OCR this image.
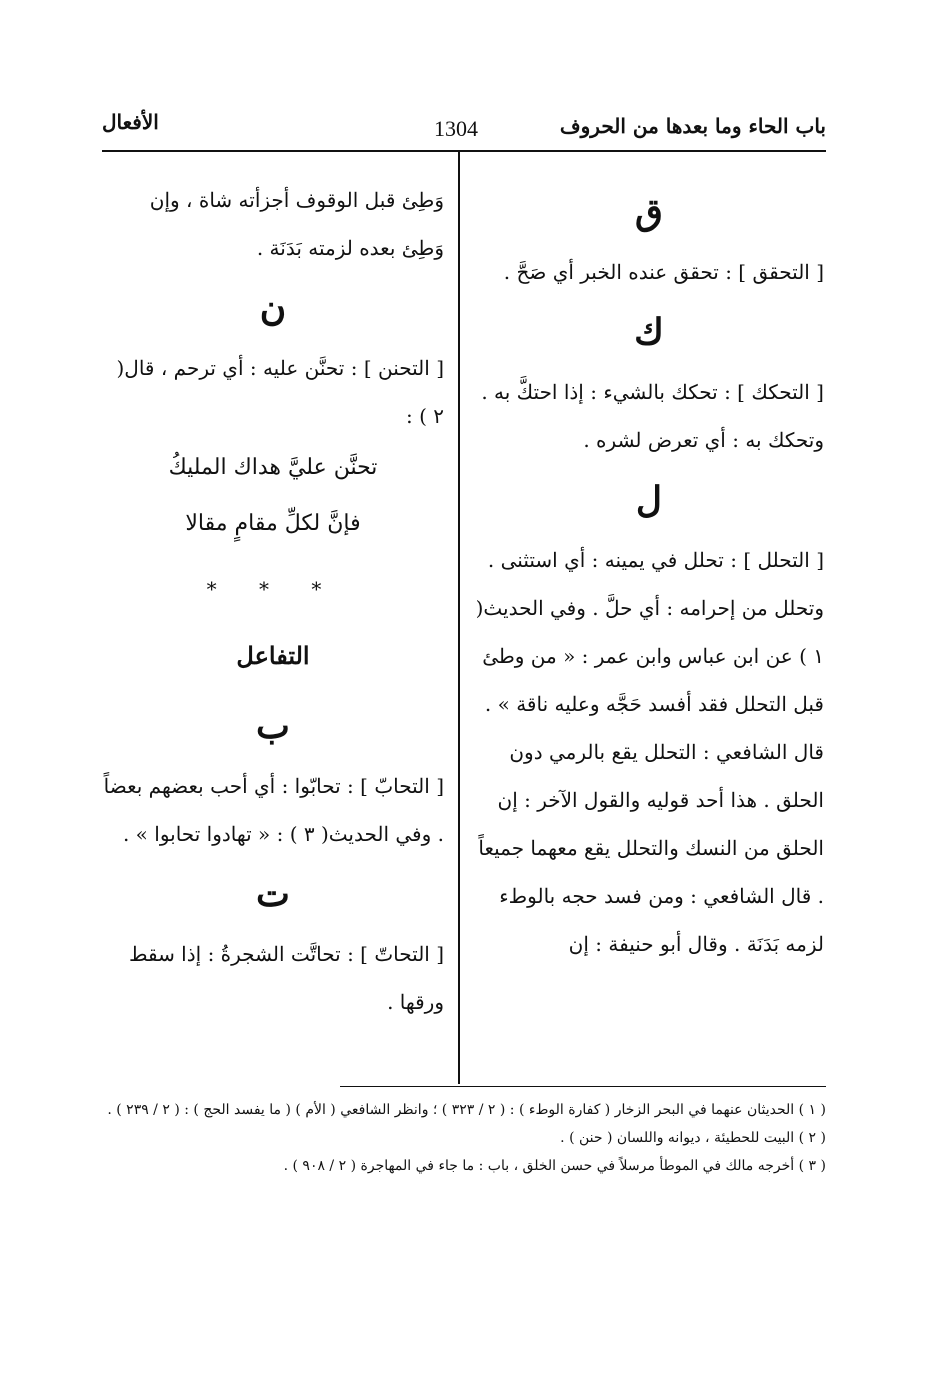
باب الحاء وما بعدها من الحروف
1304
الأفعال
ق

[ التحقق ] : تحقق عنده الخبر أي صَحَّ .

ك

[ التحكك ] : تحكك بالشيء : إذا احتكَّ به .

وتحكك به : أي تعرض لشره .

ل

[ التحلل ] : تحلل في يمينه : أي استثنى .

وتحلل من إحرامه : أي حلَّ . وفي الحديث( ١ ) عن ابن عباس وابن عمر : « من وطئ قبل التحلل فقد أفسد حَجَّه وعليه ناقة » . قال الشافعي : التحلل يقع بالرمي دون الحلق . هذا أحد قوليه والقول الآخر : إن الحلق من النسك والتحلل يقع معهما جميعاً . قال الشافعي : ومن فسد حجه بالوطء لزمه بَدَنَة . وقال أبو حنيفة : إن

وَطِئ قبل الوقوف أجزأته شاة ، وإن وَطِئ بعده لزمته بَدَنَة .

ن

[ التحنن ] : تحنَّن عليه : أي ترحم ، قال( ٢ ) :

تحنَّن عليَّ هداك المليكُ
فإنَّ لكلِّ مقامٍ مقالا
* * *
التفاعل
ب

[ التحابّ ] : تحابّوا : أي أحب بعضهم بعضاً . وفي الحديث( ٣ ) : « تهادوا تحابوا » .

ت

[ التحاتّ ] : تحاتَّت الشجرةُ : إذا سقط ورقها .

( ١ ) الحديثان عنهما في البحر الزخار ( كفارة الوطء ) : ( ٢ / ٣٢٣ ) ؛ وانظر الشافعي ( الأم ) ( ما يفسد الحج ) : ( ٢ / ٢٣٩ ) .

( ٢ ) البيت للحطيئة ، ديوانه واللسان ( حنن ) .

( ٣ ) أخرجه مالك في الموطأ مرسلاً في حسن الخلق ، باب : ما جاء في المهاجرة ( ٢ / ٩٠٨ ) .
